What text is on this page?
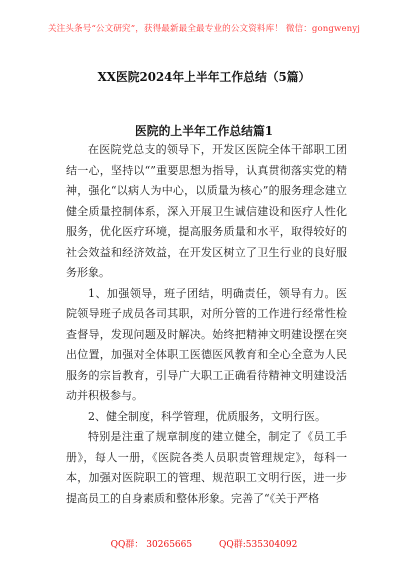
关注头条号“公文研究”，获得最新最全最专业的公文资料库！ 微信：gongwenyj
XX医院2024年上半年工作总结（5篇）
医院的上半年工作总结篇1

在医院党总支的领导下，开发区医院全体干部职工团结一心，坚持以“”重要思想为指导，认真贯彻落实党的精神，强化“以病人为中心，以质量为核心”的服务理念建立健全质量控制体系，深入开展卫生诚信建设和医疗人性化服务，优化医疗环境，提高服务质量和水平，取得较好的社会效益和经济效益，在开发区树立了卫生行业的良好服务形象。

1、加强领导，班子团结，明确责任，领导有力。医院领导班子成员各司其职，对所分管的工作进行经常性检查督导，发现问题及时解决。始终把精神文明建设摆在突出位置，加强对全体职工医德医风教育和全心全意为人民服务的宗旨教育，引导广大职工正确看待精神文明建设活动并积极参与。

2、健全制度，科学管理，优质服务，文明行医。

特别是注重了规章制度的建立健全，制定了《员工手册》，每人一册，《医院各类人员职责管理规定》，每科一本，加强对医院职工的管理、规范职工文明行医，进一步提高员工的自身素质和整体形象。完善了“《关于严格

QQ群： 30265665	QQ群:535304092
